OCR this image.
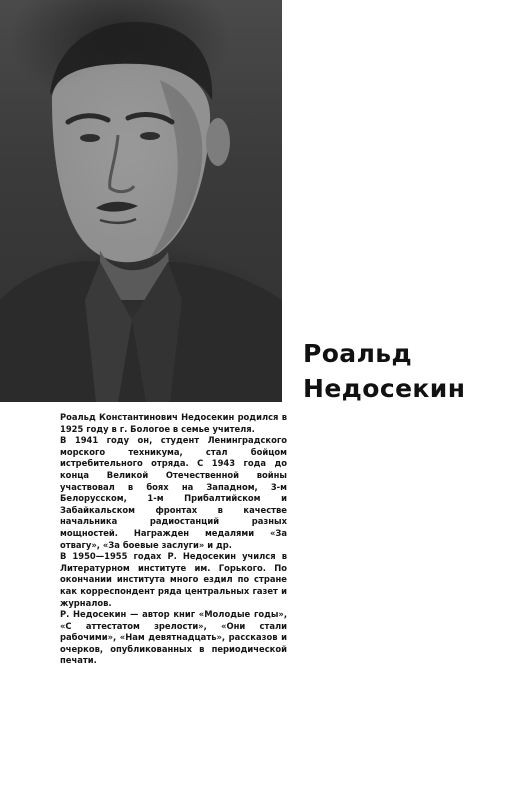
Роальд
Недосекин

Роальд Константинович Недосекин родился в 1925 году в г. Бологое в семье учителя.

В 1941 году он, студент Ленинградского морского техникума, стал бойцом истребительного отряда. С 1943 года до конца Великой Отечественной войны участвовал в боях на Западном, 3-м Белорусском, 1-м Прибалтийском и Забайкальском фронтах в качестве начальника радиостанций разных мощностей. Награжден медалями «За отвагу», «За боевые заслуги» и др.

В 1950—1955 годах Р. Недосекин учился в Литературном институте им. Горького. По окончании института много ездил по стране как корреспондент ряда центральных газет и журналов.

Р. Недосекин — автор книг «Молодые годы», «С аттестатом зрелости», «Они стали рабочими», «Нам девятнадцать», рассказов и очерков, опубликованных в периодической печати.
